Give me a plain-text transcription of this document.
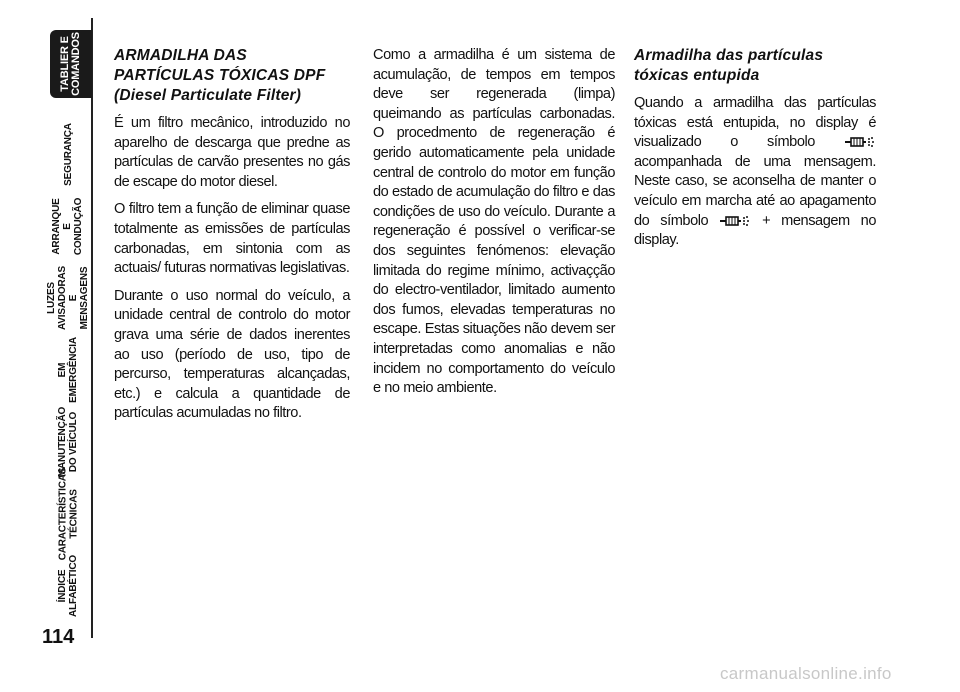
TABLIER E
COMANDOS
SEGURANÇA
ARRANQUE
E CONDUÇÃO
LUZES
AVISADORAS
E MENSAGENS
EM EMERGÊNCIA
MANUTENÇÃO
DO VEÍCULO
CARACTERÍSTICAS
TÉCNICAS
ÍNDICE
ALFABÉTICO
114
ARMADILHA DAS PARTÍCULAS TÓXICAS DPF (Diesel Particulate Filter)

É um filtro mecânico, introduzido no aparelho de descarga que predne as partículas de carvão presentes no gás de escape do motor diesel.

O filtro tem a função de eliminar quase totalmente as emissões de partículas carbonadas, em sintonia com as actuais/ futuras normativas legislativas.

Durante o uso normal do veículo, a unidade central de controlo do motor grava uma série de dados inerentes ao uso (período de uso, tipo de percurso, temperaturas alcançadas, etc.) e calcula a quantidade de partículas acumuladas no filtro.

Como a armadilha é um sistema de acumulação, de tempos em tempos deve ser regenerada (limpa) queimando as partículas carbonadas. O procedmento de regeneração é gerido automaticamente pela unidade central de controlo do motor em função do estado de acumulação do filtro e das condições de uso do veículo. Durante a regeneração é possível o verificar-se dos seguintes fenómenos: elevação limitada do regime mínimo, activaçção do electro-ventilador, limitado aumento dos fumos, elevadas temperaturas no escape. Estas situações não devem ser interpretadas como anomalias e não incidem no comportamento do veículo e no meio ambiente.

Armadilha das partículas tóxicas entupida

Quando a armadilha das partículas tóxicas está entupida, no display é visualizado o símbolo  acompanhada de uma mensagem. Neste caso, se aconselha de manter o veículo em marcha até ao apagamento do símbolo	+ mensagem no display.

carmanualsonline.info
